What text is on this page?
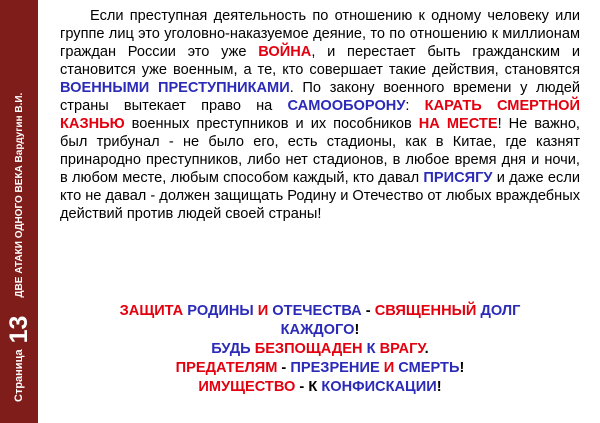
Страница
13
ДВЕ АТАКИ ОДНОГО ВЕКА Вардугин В.И.

Если преступная деятельность по отношению к одному человеку или группе лиц это уголовно-наказуемое деяние, то по отношению к миллионам граждан России это уже ВОЙНА, и перестает быть гражданским и становится уже военным, а те, кто совершает такие действия, становятся ВОЕННЫМИ ПРЕСТУПНИКАМИ. По закону военного времени у людей страны вытекает право на САМООБОРОНУ: КАРАТЬ СМЕРТНОЙ КАЗНЬЮ военных преступников и их пособников НА МЕСТЕ! Не важно, был трибунал - не было его, есть стадионы, как в Китае, где казнят принародно преступников, либо нет стадионов, в любое время дня и ночи, в любом месте, любым способом каждый, кто давал ПРИСЯГУ и даже если кто не давал - должен защищать Родину и Отечество от любых враждебных действий против людей своей страны!

ЗАЩИТА РОДИНЫ И ОТЕЧЕСТВА - СВЯЩЕННЫЙ ДОЛГ
КАЖДОГО!
БУДЬ БЕЗПОЩАДЕН К ВРАГУ.
ПРЕДАТЕЛЯМ - ПРЕЗРЕНИЕ И СМЕРТЬ!
ИМУЩЕСТВО - К КОНФИСКАЦИИ!
